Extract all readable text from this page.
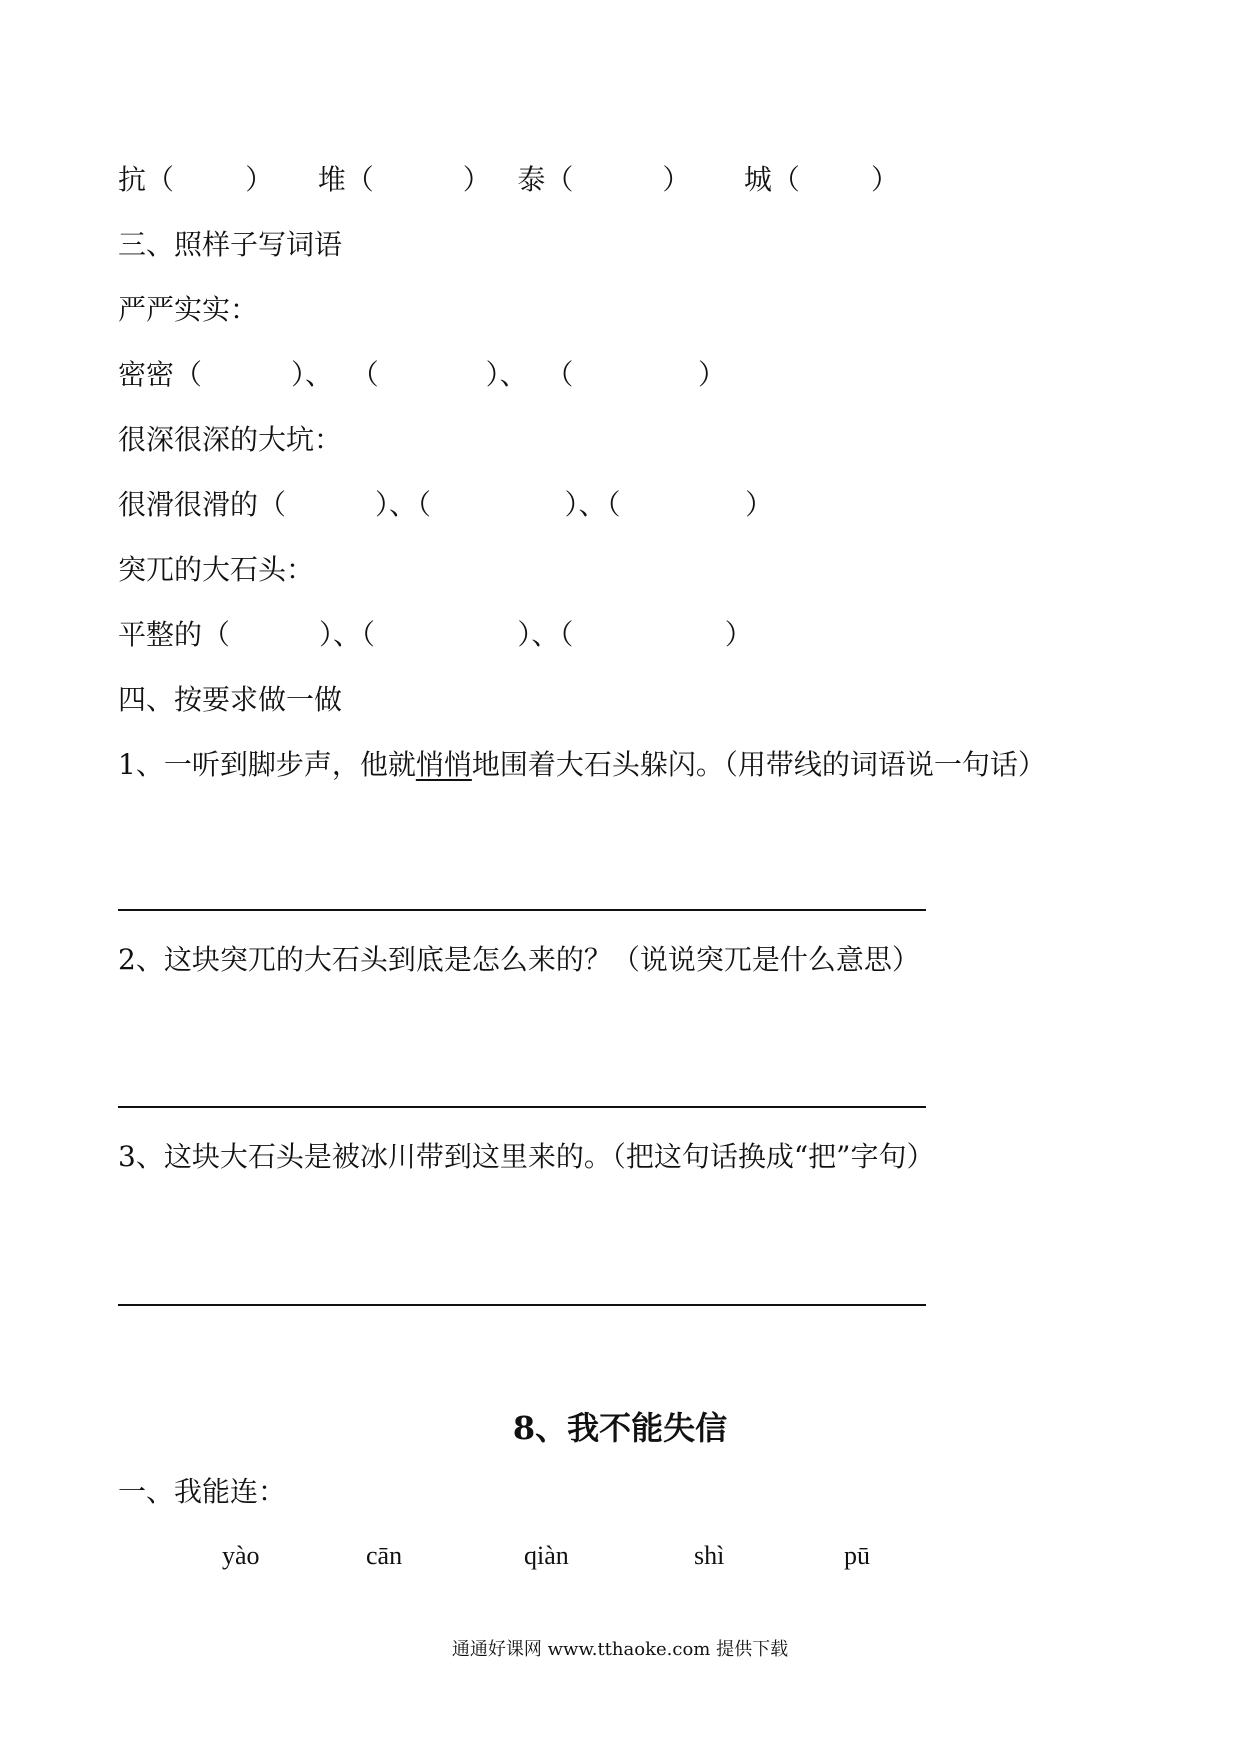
抗（        ）     堆（          ）   泰（          ）      城（        ）
三、照样子写词语
严严实实：
密密（          ）、  （            ）、  （              ）
很深很深的大坑：
很滑很滑的（          ）、（               ）、（              ）
突兀的大石头：
平整的（          ）、（                ）、（                 ）
四、按要求做一做
1、一听到脚步声，他就悄悄地围着大石头躲闪。（用带线的词语说一句话）
2、这块突兀的大石头到底是怎么来的？（说说突兀是什么意思）
3、这块大石头是被冰川带到这里来的。（把这句话换成“把”字句）
8、我不能失信
一、我能连：
yào	cān	qiàn	shì	pū
通通好课网 www.tthaoke.com 提供下载
